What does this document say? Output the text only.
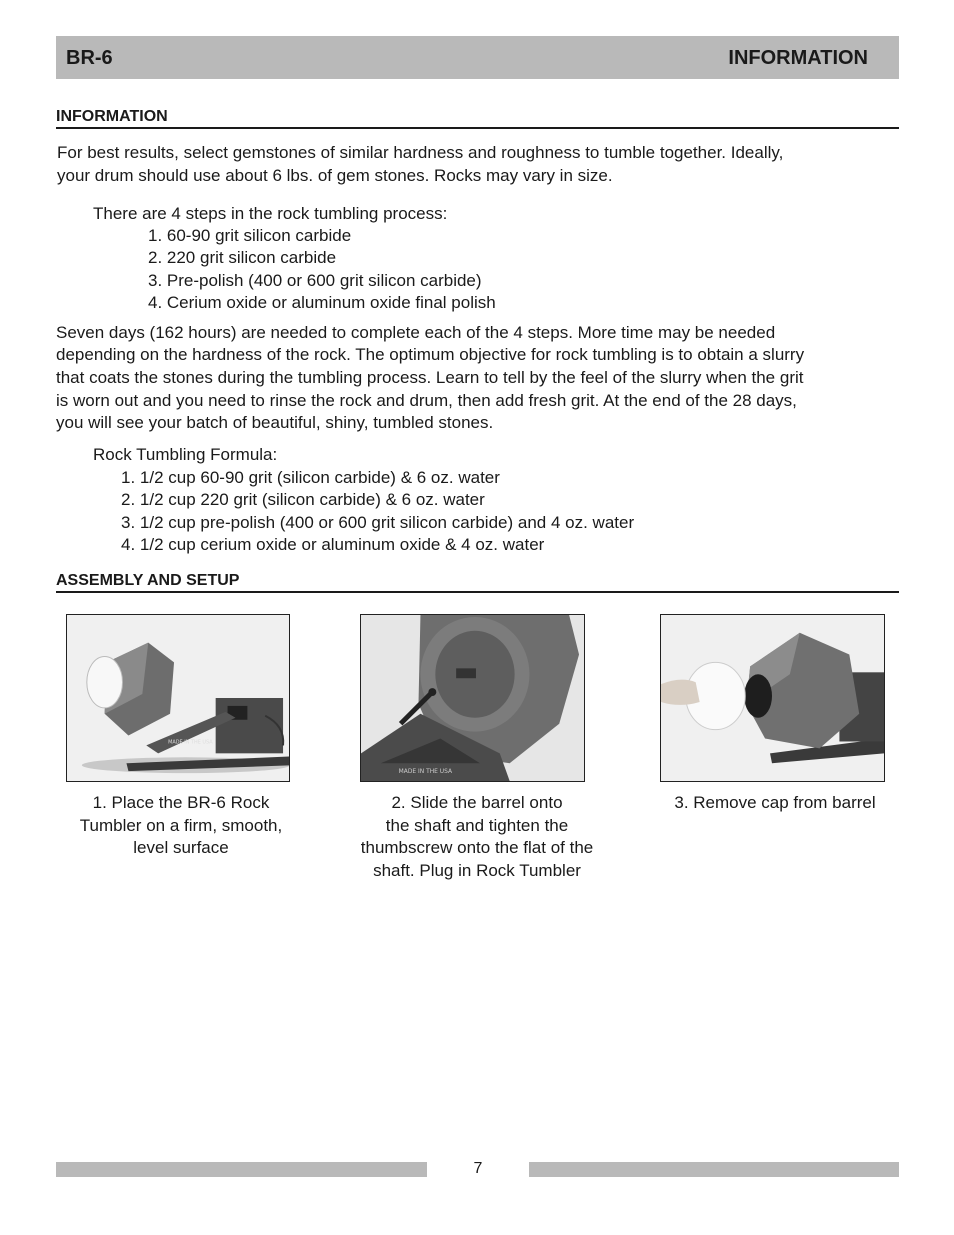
BR-6	INFORMATION
INFORMATION
For best results, select gemstones of similar hardness and roughness to tumble together. Ideally,
your drum should use about 6 lbs. of gem stones. Rocks may vary in size.
There are 4 steps in the rock tumbling process:
1. 60-90 grit silicon carbide
2. 220 grit silicon carbide
3. Pre-polish (400 or 600 grit silicon carbide)
4. Cerium oxide or aluminum oxide final polish
Seven days (162 hours) are needed to complete each of the 4 steps. More time may be needed
depending on the hardness of the rock. The optimum objective for rock tumbling is to obtain a slurry
that coats the stones during the tumbling process. Learn to tell by the feel of the slurry when the grit
is worn out and you need to rinse the rock and drum, then add fresh grit. At the end of the 28 days,
you will see your batch of beautiful, shiny, tumbled stones.
Rock Tumbling Formula:
1. 1/2 cup 60-90 grit (silicon carbide) & 6 oz. water
2. 1/2 cup 220 grit (silicon carbide) & 6 oz. water
3. 1/2 cup pre-polish (400 or 600 grit silicon carbide) and 4 oz. water
4. 1/2 cup cerium oxide or aluminum oxide & 4 oz. water
ASSEMBLY AND SETUP
MADE IN THE USA
MADE IN THE USA
1. Place the BR-6 Rock
Tumbler on a firm, smooth,
level surface
2. Slide the barrel onto
the shaft and tighten the
thumbscrew onto the flat of the
shaft. Plug in Rock Tumbler
3. Remove cap from barrel
7
